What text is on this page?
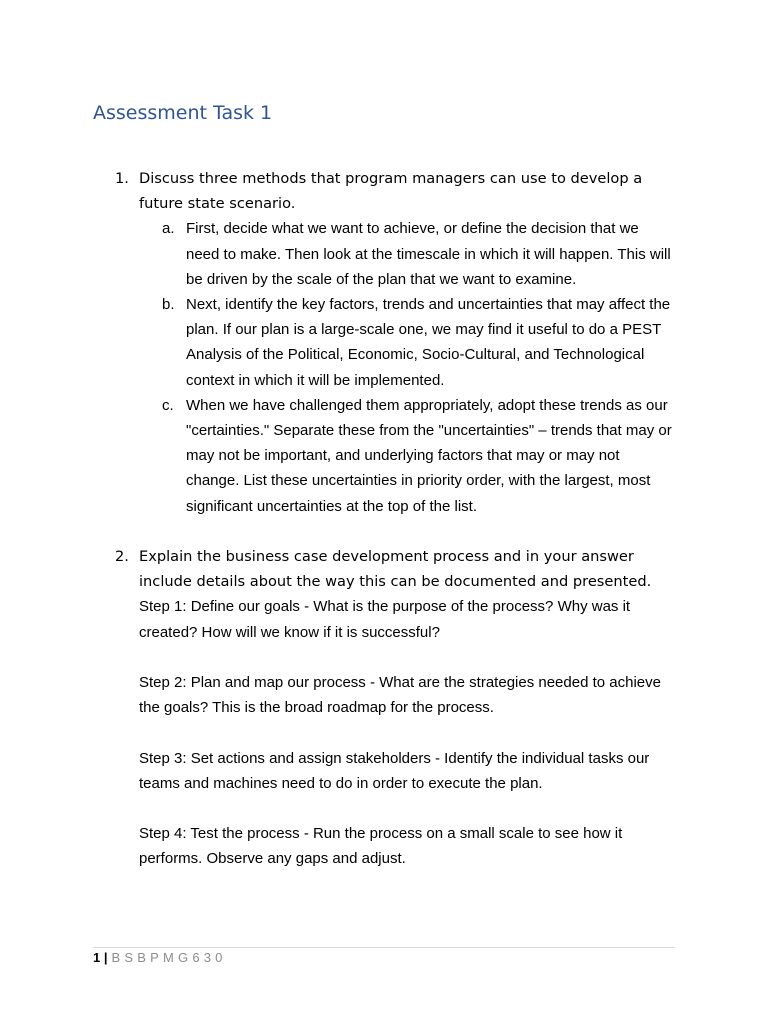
Assessment Task 1
1. Discuss three methods that program managers can use to develop a future state scenario.
a. First, decide what we want to achieve, or define the decision that we need to make. Then look at the timescale in which it will happen. This will be driven by the scale of the plan that we want to examine.
b. Next, identify the key factors, trends and uncertainties that may affect the plan. If our plan is a large-scale one, we may find it useful to do a PEST Analysis of the Political, Economic, Socio-Cultural, and Technological context in which it will be implemented.
c. When we have challenged them appropriately, adopt these trends as our "certainties." Separate these from the "uncertainties" – trends that may or may not be important, and underlying factors that may or may not change. List these uncertainties in priority order, with the largest, most significant uncertainties at the top of the list.
2. Explain the business case development process and in your answer include details about the way this can be documented and presented.
Step 1: Define our goals - What is the purpose of the process? Why was it created? How will we know if it is successful?
Step 2: Plan and map our process - What are the strategies needed to achieve the goals? This is the broad roadmap for the process.
Step 3: Set actions and assign stakeholders - Identify the individual tasks our teams and machines need to do in order to execute the plan.
Step 4: Test the process - Run the process on a small scale to see how it performs. Observe any gaps and adjust.
1 | BSBPMG630
